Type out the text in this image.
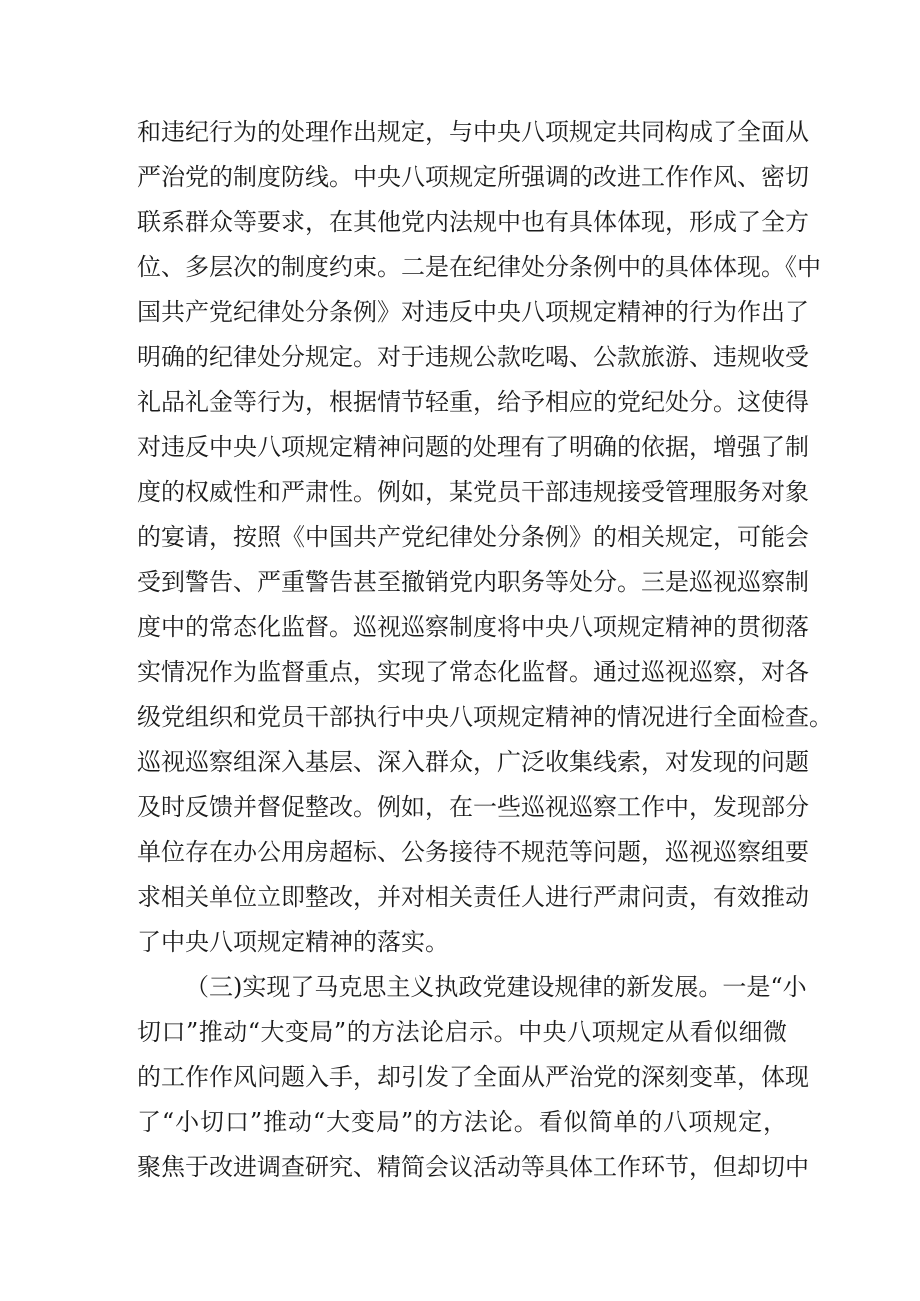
和违纪行为的处理作出规定，与中央八项规定共同构成了全面从
严治党的制度防线。中央八项规定所强调的改进工作作风、密切
联系群众等要求，在其他党内法规中也有具体体现，形成了全方
位、多层次的制度约束。二是在纪律处分条例中的具体体现。《中
国共产党纪律处分条例》对违反中央八项规定精神的行为作出了
明确的纪律处分规定。对于违规公款吃喝、公款旅游、违规收受
礼品礼金等行为，根据情节轻重，给予相应的党纪处分。这使得
对违反中央八项规定精神问题的处理有了明确的依据，增强了制
度的权威性和严肃性。例如，某党员干部违规接受管理服务对象
的宴请，按照《中国共产党纪律处分条例》的相关规定，可能会
受到警告、严重警告甚至撤销党内职务等处分。三是巡视巡察制
度中的常态化监督。巡视巡察制度将中央八项规定精神的贯彻落
实情况作为监督重点，实现了常态化监督。通过巡视巡察，对各
级党组织和党员干部执行中央八项规定精神的情况进行全面检查。
巡视巡察组深入基层、深入群众，广泛收集线索，对发现的问题
及时反馈并督促整改。例如，在一些巡视巡察工作中，发现部分
单位存在办公用房超标、公务接待不规范等问题，巡视巡察组要
求相关单位立即整改，并对相关责任人进行严肃问责，有效推动
了中央八项规定精神的落实。
（三)实现了马克思主义执政党建设规律的新发展。一是“小
切口”推动“大变局”的方法论启示。中央八项规定从看似细微
的工作作风问题入手，却引发了全面从严治党的深刻变革，体现
了“小切口”推动“大变局”的方法论。看似简单的八项规定，
聚焦于改进调查研究、精简会议活动等具体工作环节，但却切中
